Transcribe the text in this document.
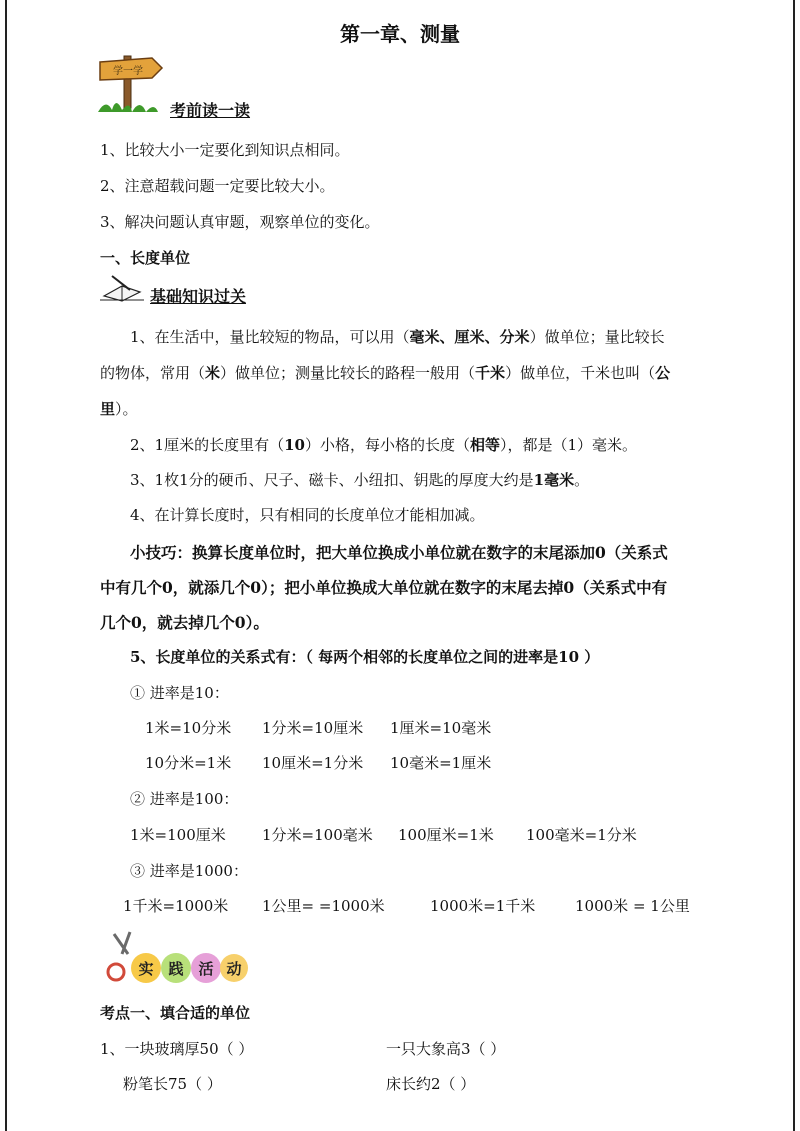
第一章、测量
学一学
考前读一读
1、比较大小一定要化到知识点相同。
2、注意超载问题一定要比较大小。
3、解决问题认真审题，观察单位的变化。
一、长度单位
基础知识过关
1、在生活中，量比较短的物品，可以用（毫米、厘米、分米）做单位；量比较长
的物体，常用（米）做单位；测量比较长的路程一般用（千米）做单位，千米也叫（公
里）。
2、1厘米的长度里有（10）小格，每小格的长度（相等），都是（1）毫米。
3、1枚1分的硬币、尺子、磁卡、小纽扣、钥匙的厚度大约是1毫米。
4、在计算长度时，只有相同的长度单位才能相加减。
小技巧：换算长度单位时，把大单位换成小单位就在数字的末尾添加0（关系式
中有几个0，就添几个0）；把小单位换成大单位就在数字的末尾去掉0（关系式中有
几个0，就去掉几个0）。
5、长度单位的关系式有：（ 每两个相邻的长度单位之间的进率是10 ）
① 进率是10：
1米=10分米 1分米=10厘米 1厘米=10毫米
10分米=1米 10厘米=1分米 10毫米=1厘米
② 进率是100：
1米=100厘米 1分米=100毫米 100厘米=1米 100毫米=1分米
③ 进率是1000：
1千米=1000米 1公里= =1000米	1000米=1千米	1000米 = 1公里
实 践 活 动
考点一、填合适的单位
1、一块玻璃厚50（ ）	一只大象高3（ ）
粉笔长75（ ）	床长约2（ ）
